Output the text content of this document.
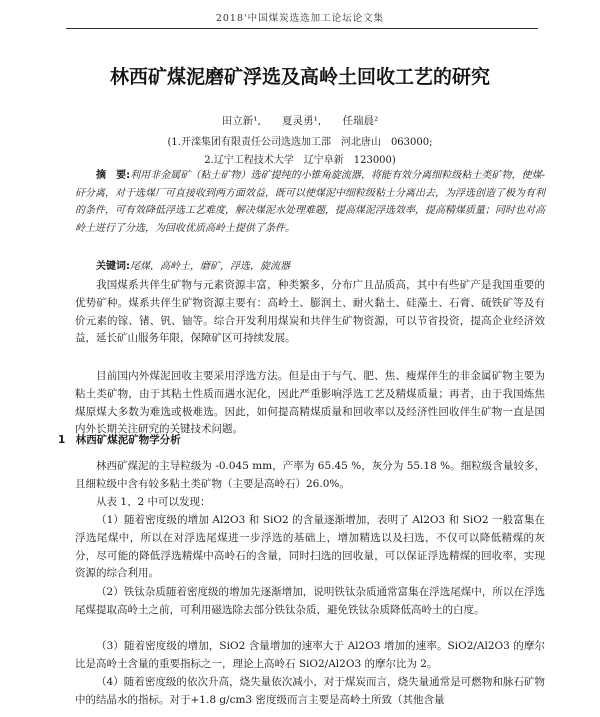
2018'中国煤炭选选加工论坛论文集
林西矿煤泥磨矿浮选及高岭土回收工艺的研究
田立新¹, 夏灵勇¹, 任瑞晨²
(1.开滦集团有限责任公司选选加工部　河北唐山　063000;
2.辽宁工程技术大学　辽宁阜新　123000)

摘　要:利用非金属矿（粘土矿物）选矿提纯的小锥角旋流器，将能有效分离细粒级粘土类矿物，使煤-矸分离，对于选煤厂可直接收到两方面效益，既可以使煤泥中细粒级粘土分离出去，为浮选创造了极为有利的条件，可有效降低浮选工艺难度，解决煤泥水处理难题，提高煤泥浮选效率，提高精煤质量；同时也对高岭土进行了分选，为回收优质高岭土提供了条件。

关键词:尾煤，高岭土，磨矿，浮选，旋流器

我国煤系共伴生矿物与元素资源丰富，种类繁多，分布广且品质高，其中有些矿产是我国重要的优势矿种。煤系共伴生矿物资源主要有：高岭土、膨润土、耐火黏土、硅藻土、石膏、硫铁矿等及有价元素的镓、锗、钒、铀等。综合开发利用煤炭和共伴生矿物资源，可以节省投资，提高企业经济效益，延长矿山服务年限，保障矿区可持续发展。

目前国内外煤泥回收主要采用浮选方法。但是由于与气、肥、焦、瘦煤伴生的非金属矿物主要为粘土类矿物，由于其粘土性质而遇水泥化，因此严重影响浮选工艺及精煤质量；再者，由于我国炼焦煤原煤大多数为难选或极难选。因此，如何提高精煤质量和回收率以及经济性回收伴生矿物一直是国内外长期关注研究的关键技术问题。

1　林西矿煤泥矿物学分析

林西矿煤泥的主导粒级为 -0.045 mm，产率为 65.45 %，灰分为 55.18 %。细粒级含量较多，且细粒级中含有较多粘土类矿物（主要是高岭石）26.0%。

从表 1、2 中可以发现：

（1）随着密度级的增加 Al2O3 和 SiO2 的含量逐渐增加，表明了 Al2O3 和 SiO2 一般富集在浮选尾煤中，所以在对浮选尾煤进一步浮选的基础上，增加精选以及扫选，不仅可以降低精煤的灰分，尽可能的降低浮选精煤中高岭石的含量，同时扫选的回收量，可以保证浮选精煤的回收率，实现资源的综合利用。

（2）铁钛杂质随着密度级的增加先逐渐增加，说明铁钛杂质通常富集在浮选尾煤中，所以在浮选尾煤提取高岭土之前，可利用磁选除去部分铁钛杂质，避免铁钛杂质降低高岭土的白度。

（3）随着密度级的增加，SiO2 含量增加的速率大于 Al2O3 增加的速率。SiO2/Al2O3 的摩尔比是高岭土含量的重要指标之一，理论上高岭石 SiO2/Al2O3 的摩尔比为 2。

（4）随着密度级的依次升高，烧失量依次减小，对于煤炭而言，烧失量通常是可燃物和脉石矿物中的结晶水的指标。对于+1.8 g/cm3 密度级而言主要是高岭土所致（其他含量
